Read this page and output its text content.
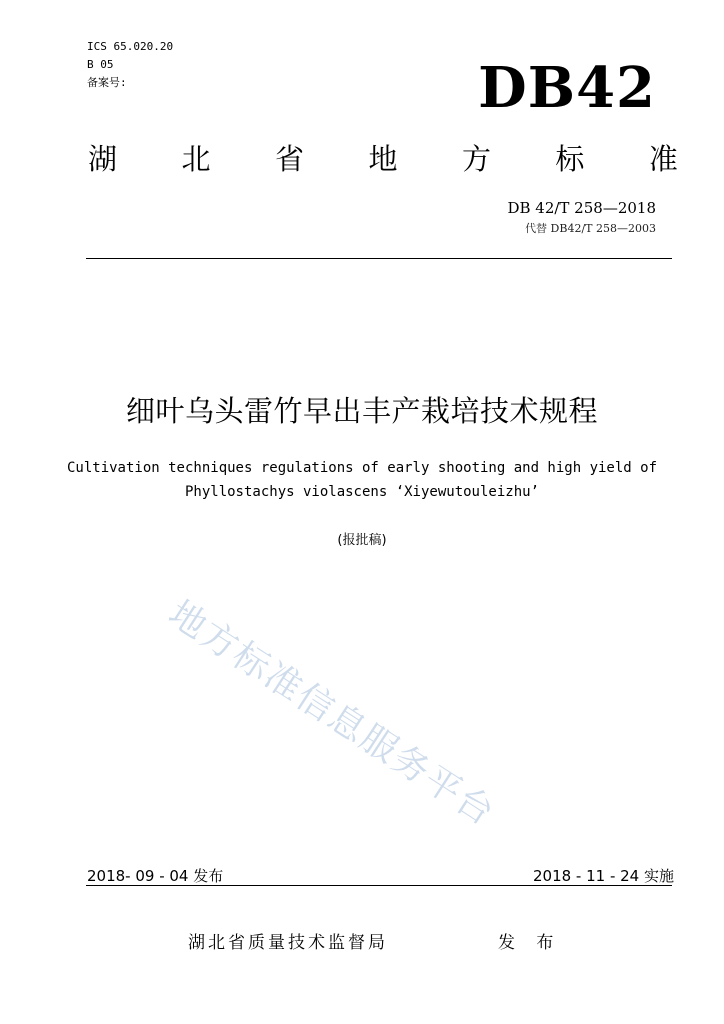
ICS 65.020.20
B 05
备案号:	DB42
湖 北 省 地 方 标 准
DB 42/T 258—2018
代替 DB42/T 258—2003
细叶乌头雷竹早出丰产栽培技术规程
Cultivation techniques regulations of early shooting and high yield of
Phyllostachys violascens ‘Xiyewutouleizhu’
(报批稿)
地方标准信息服务平台
2018- 09 - 04 发布	2018 - 11 - 24 实施
湖北省质量技术监督局	发 布
